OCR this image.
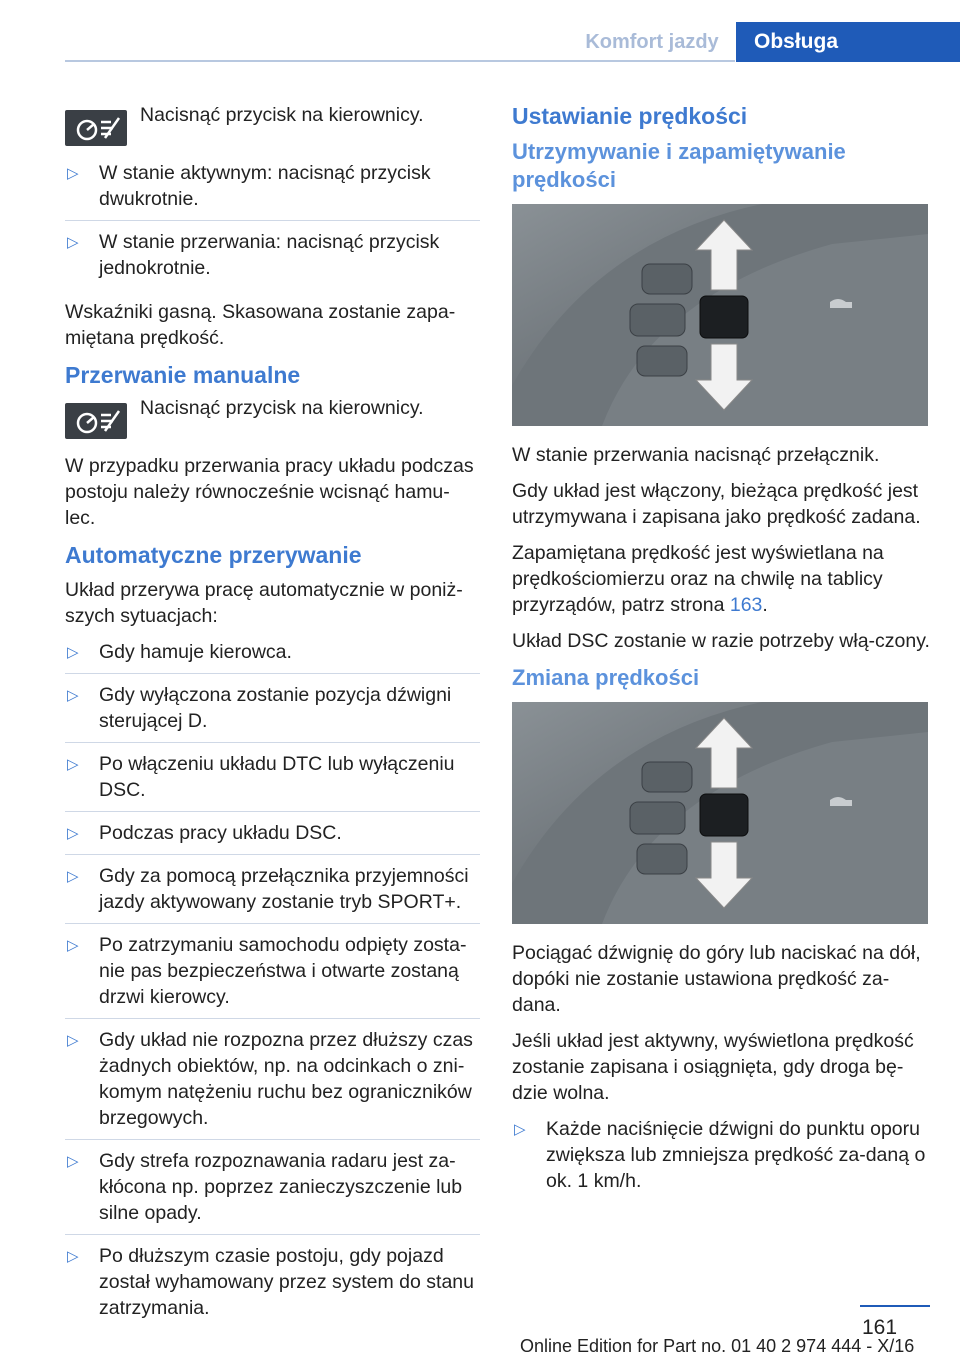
Komfort jazdy	Obsługa
Nacisnąć przycisk na kierownicy.
▷ W stanie aktywnym: nacisnąć przycisk dwukrotnie.
▷ W stanie przerwania: nacisnąć przycisk jednokrotnie.

Wskaźniki gasną. Skasowana zostanie zapa‐miętana prędkość.

Przerwanie manualne
Nacisnąć przycisk na kierownicy.

W przypadku przerwania pracy układu podczas postoju należy równocześnie wcisnąć hamu‐lec.

Automatyczne przerywanie

Układ przerywa pracę automatycznie w poniż‐szych sytuacjach:

▷ Gdy hamuje kierowca.
▷ Gdy wyłączona zostanie pozycja dźwigni sterującej D.
▷ Po włączeniu układu DTC lub wyłączeniu DSC.
▷ Podczas pracy układu DSC.
▷ Gdy za pomocą przełącznika przyjemności jazdy aktywowany zostanie tryb SPORT+.
▷ Po zatrzymaniu samochodu odpięty zosta‐nie pas bezpieczeństwa i otwarte zostaną drzwi kierowcy.
▷ Gdy układ nie rozpozna przez dłuższy czas żadnych obiektów, np. na odcinkach o zni‐komym natężeniu ruchu bez ograniczników brzegowych.
▷ Gdy strefa rozpoznawania radaru jest za‐kłócona np. poprzez zanieczyszczenie lub silne opady.
▷ Po dłuższym czasie postoju, gdy pojazd został wyhamowany przez system do stanu zatrzymania.
Ustawianie prędkości
Utrzymywanie i zapamiętywanie prędkości

W stanie przerwania nacisnąć przełącznik.

Gdy układ jest włączony, bieżąca prędkość jest utrzymywana i zapisana jako prędkość zadana.

Zapamiętana prędkość jest wyświetlana na prędkościomierzu oraz na chwilę na tablicy przyrządów, patrz strona 163.

Układ DSC zostanie w razie potrzeby włą‐czony.

Zmiana prędkości

Pociągać dźwignię do góry lub naciskać na dół, dopóki nie zostanie ustawiona prędkość za‐dana.

Jeśli układ jest aktywny, wyświetlona prędkość zostanie zapisana i osiągnięta, gdy droga bę‐dzie wolna.

▷ Każde naciśnięcie dźwigni do punktu oporu zwiększa lub zmniejsza prędkość za‐daną o ok. 1 km/h.
161
Online Edition for Part no. 01 40 2 974 444 - X/16
